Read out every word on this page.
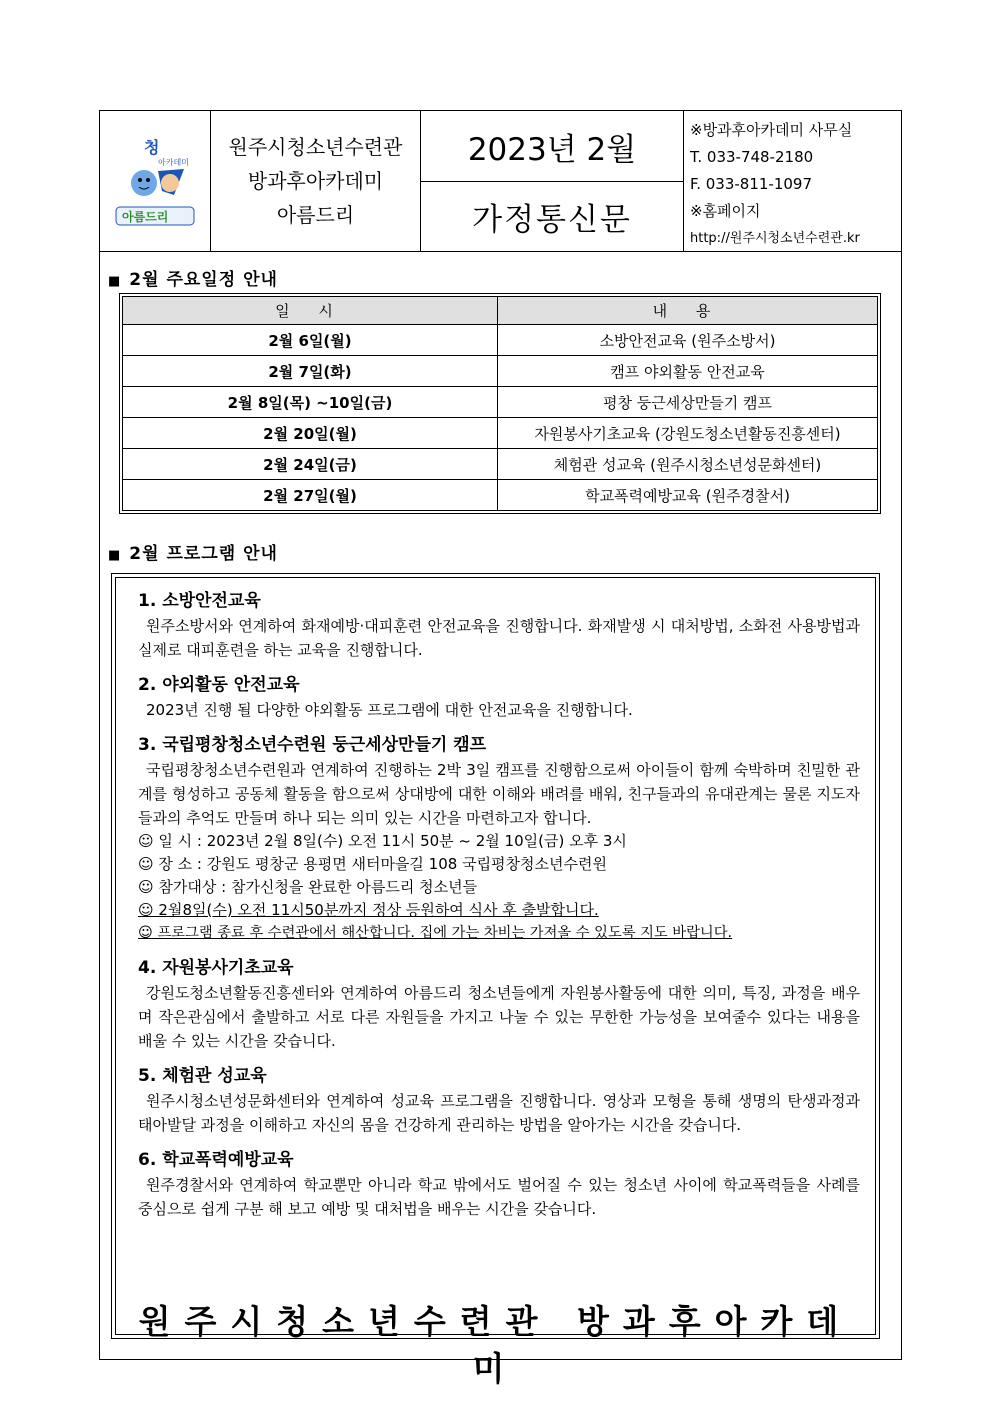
청
아카데미
아름드리
원주시청소년수련관
방과후아카데미
아름드리
2023년 2월
가정통신문
※방과후아카데미 사무실
T. 033-748-2180
F. 033-811-1097
※홈페이지
http://원주시청소년수련관.kr
■ 2월 주요일정 안내
일 시	내 용
2월 6일(월)	소방안전교육 (원주소방서)
2월 7일(화)	캠프 야외활동 안전교육
2월 8일(목) ~10일(금)	평창 둥근세상만들기 캠프
2월 20일(월)	자원봉사기초교육 (강원도청소년활동진흥센터)
2월 24일(금)	체험관 성교육 (원주시청소년성문화센터)
2월 27일(월)	학교폭력예방교육 (원주경찰서)
■ 2월 프로그램 안내

1. 소방안전교육

원주소방서와 연계하여 화재예방·대피훈련 안전교육을 진행합니다. 화재발생 시 대처방법, 소화전 사용방법과 실제로 대피훈련을 하는 교육을 진행합니다.

2. 야외활동 안전교육

2023년 진행 될 다양한 야외활동 프로그램에 대한 안전교육을 진행합니다.

3. 국립평창청소년수련원 둥근세상만들기 캠프

국립평창청소년수련원과 연계하여 진행하는 2박 3일 캠프를 진행함으로써 아이들이 함께 숙박하며 친밀한 관계를 형성하고 공동체 활동을 함으로써 상대방에 대한 이해와 배려를 배워, 친구들과의 유대관계는 물론 지도자들과의 추억도 만들며 하나 되는 의미 있는 시간을 마련하고자 합니다.

☺ 일 시 : 2023년 2월 8일(수) 오전 11시 50분 ~ 2월 10일(금) 오후 3시

☺ 장 소 : 강원도 평창군 용평면 새터마을길 108 국립평창청소년수련원

☺ 참가대상 : 참가신청을 완료한 아름드리 청소년들

☺ 2월8일(수) 오전 11시50분까지 정상 등원하여 식사 후 출발합니다.

☺ 프로그램 종료 후 수련관에서 해산합니다. 집에 가는 차비는 가져올 수 있도록 지도 바랍니다.

4. 자원봉사기초교육

강원도청소년활동진흥센터와 연계하여 아름드리 청소년들에게 자원봉사활동에 대한 의미, 특징, 과정을 배우며 작은관심에서 출발하고 서로 다른 자원들을 가지고 나눌 수 있는 무한한 가능성을 보여줄수 있다는 내용을 배울 수 있는 시간을 갖습니다.

5. 체험관 성교육

원주시청소년성문화센터와 연계하여 성교육 프로그램을 진행합니다. 영상과 모형을 통해 생명의 탄생과정과 태아발달 과정을 이해하고 자신의 몸을 건강하게 관리하는 방법을 알아가는 시간을 갖습니다.

6. 학교폭력예방교육

원주경찰서와 연계하여 학교뿐만 아니라 학교 밖에서도 벌어질 수 있는 청소년 사이에 학교폭력들을 사례를 중심으로 쉽게 구분 해 보고 예방 및 대처법을 배우는 시간을 갖습니다.

원주시청소년수련관 방과후아카데미
